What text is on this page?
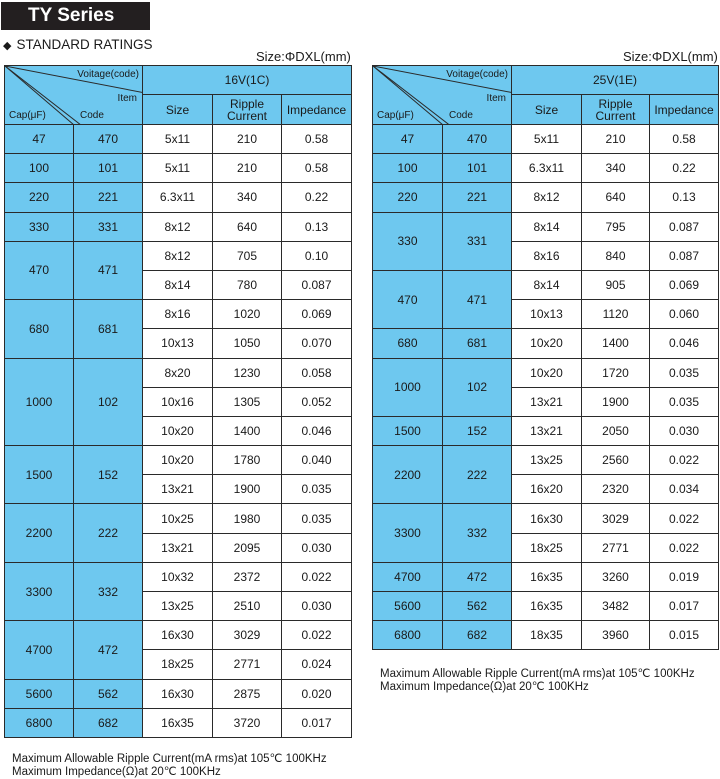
TY Series
◆ STANDARD RATINGS
Size:ΦDXL(mm)	Size:ΦDXL(mm)
Voitage(code)
Item
Cap(μF) Code		16V(1C)		
		Size	Ripple Current	Impedance
47	470	5x11	210	0.58
100	101	5x11	210	0.58
220	221	6.3x11	340	0.22
330	331	8x12	640	0.13
470	471	8x12	705	0.10
		8x14	780	0.087
680	681	8x16	1020	0.069
		10x13	1050	0.070
1000	102	8x20	1230	0.058
		10x16	1305	0.052
		10x20	1400	0.046
1500	152	10x20	1780	0.040
		13x21	1900	0.035
2200	222	10x25	1980	0.035
		13x21	2095	0.030
3300	332	10x32	2372	0.022
		13x25	2510	0.030
4700	472	16x30	3029	0.022
		18x25	2771	0.024
5600	562	16x30	2875	0.020
6800	682	16x35	3720	0.017
Voitage(code)
Item
Cap(μF) Code		25V(1E)		
		Size	Ripple Current	Impedance
47	470	5x11	210	0.58
100	101	6.3x11	340	0.22
220	221	8x12	640	0.13
330	331	8x14	795	0.087
		8x16	840	0.087
470	471	8x14	905	0.069
		10x13	1120	0.060
680	681	10x20	1400	0.046
1000	102	10x20	1720	0.035
		13x21	1900	0.035
1500	152	13x21	2050	0.030
2200	222	13x25	2560	0.022
		16x20	2320	0.034
3300	332	16x30	3029	0.022
		18x25	2771	0.022
4700	472	16x35	3260	0.019
5600	562	16x35	3482	0.017
6800	682	18x35	3960	0.015
Maximum Allowable Ripple Current(mA rms)at 105℃ 100KHz
Maximum Impedance(Ω)at 20℃ 100KHz
Maximum Allowable Ripple Current(mA rms)at 105℃ 100KHz
Maximum Impedance(Ω)at 20℃ 100KHz
